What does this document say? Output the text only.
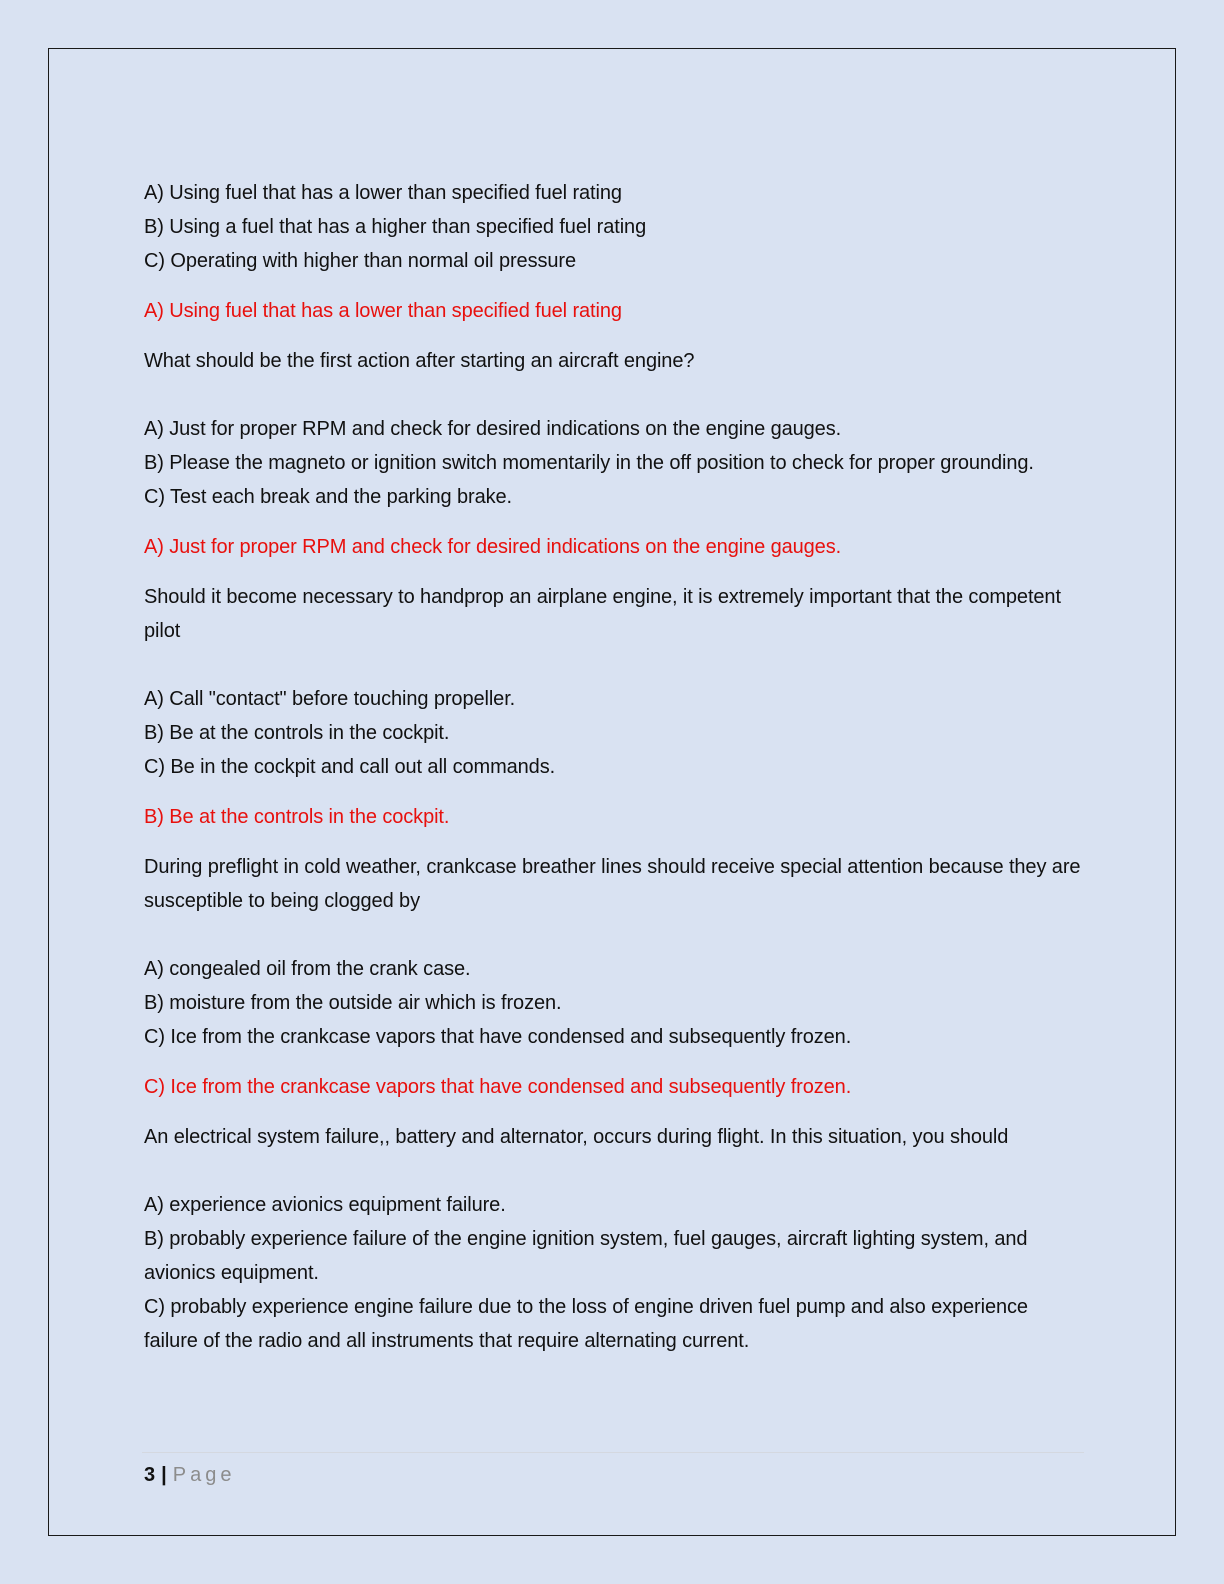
A) Using fuel that has a lower than specified fuel rating
B) Using a fuel that has a higher than specified fuel rating
C) Operating with higher than normal oil pressure
A) Using fuel that has a lower than specified fuel rating
What should be the first action after starting an aircraft engine?
A) Just for proper RPM and check for desired indications on the engine gauges.
B) Please the magneto or ignition switch momentarily in the off position to check for proper grounding.
C) Test each break and the parking brake.
A) Just for proper RPM and check for desired indications on the engine gauges.
Should it become necessary to handprop an airplane engine, it is extremely important that the competent pilot
A) Call "contact" before touching propeller.
B) Be at the controls in the cockpit.
C) Be in the cockpit and call out all commands.
B) Be at the controls in the cockpit.
During preflight in cold weather, crankcase breather lines should receive special attention because they are susceptible to being clogged by
A) congealed oil from the crank case.
B) moisture from the outside air which is frozen.
C) Ice from the crankcase vapors that have condensed and subsequently frozen.
C) Ice from the crankcase vapors that have condensed and subsequently frozen.
An electrical system failure,, battery and alternator, occurs during flight. In this situation, you should
A) experience avionics equipment failure.
B) probably experience failure of the engine ignition system, fuel gauges, aircraft lighting system, and avionics equipment.
C) probably experience engine failure due to the loss of engine driven fuel pump and also experience failure of the radio and all instruments that require alternating current.
3 | Page
